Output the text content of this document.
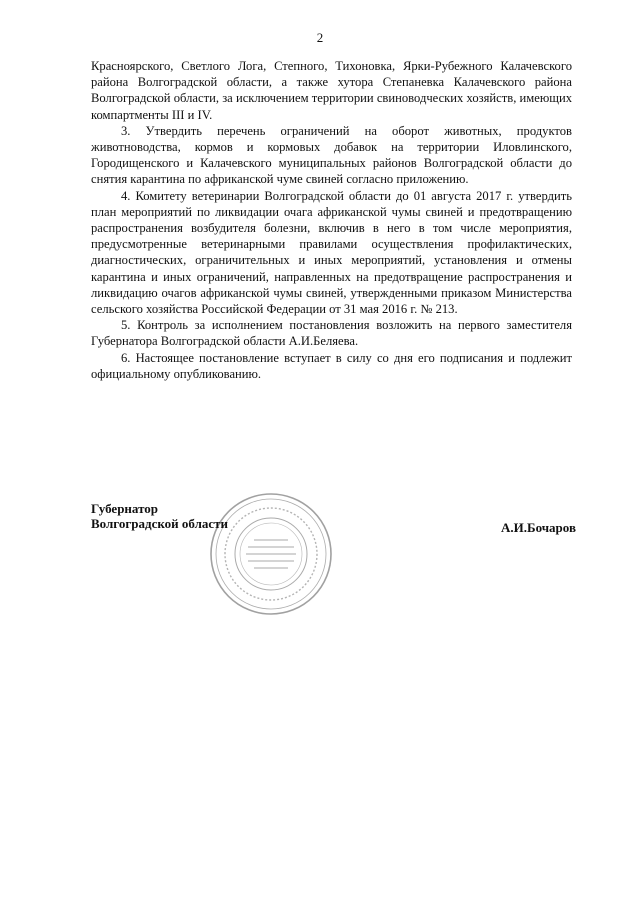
2

Красноярского, Светлого Лога, Степного, Тихоновка, Ярки-Рубежного Калачевского района Волгоградской области, а также хутора Степаневка Калачевского района Волгоградской области, за исключением территории свиноводческих хозяйств, имеющих компартменты III и IV.

3. Утвердить перечень ограничений на оборот животных, продуктов животноводства, кормов и кормовых добавок на территории Иловлинского, Городищенского и Калачевского муниципальных районов Волгоградской области до снятия карантина по африканской чуме свиней согласно приложению.

4. Комитету ветеринарии Волгоградской области до 01 августа 2017 г. утвердить план мероприятий по ликвидации очага африканской чумы свиней и предотвращению распространения возбудителя болезни, включив в него в том числе мероприятия, предусмотренные ветеринарными правилами осуществления профилактических, диагностических, ограничительных и иных мероприятий, установления и отмены карантина и иных ограничений, направленных на предотвращение распространения и ликвидацию очагов африканской чумы свиней, утвержденными приказом Министерства сельского хозяйства Российской Федерации от 31 мая 2016 г. № 213.

5. Контроль за исполнением постановления возложить на первого заместителя Губернатора Волгоградской области А.И.Беляева.

6. Настоящее постановление вступает в силу со дня его подписания и подлежит официальному опубликованию.

Губернатор
Волгоградской области	А.И.Бочаров
